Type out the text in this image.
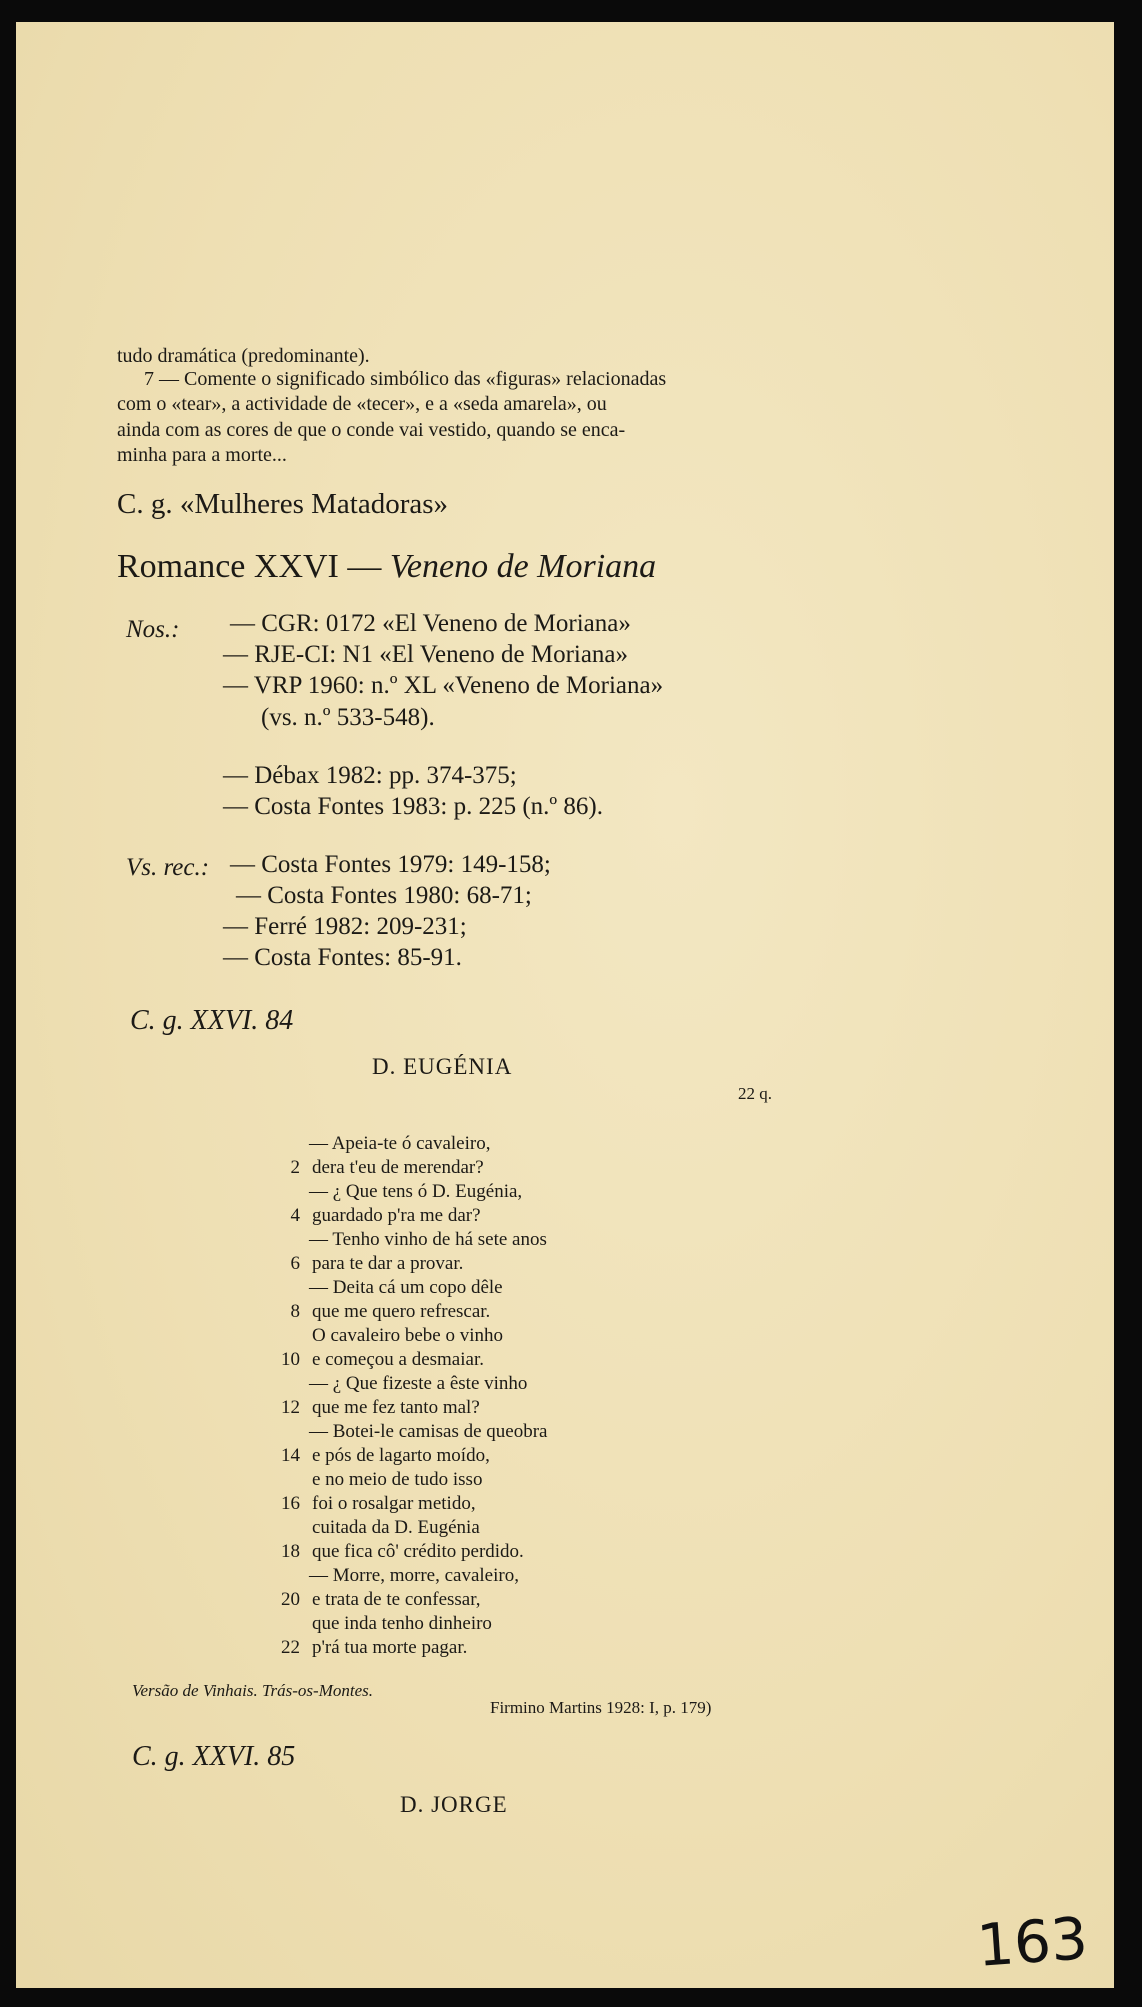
tudo dramática (predominante).
7 — Comente o significado simbólico das «figuras» relacionadas
com o «tear», a actividade de «tecer», e a «seda amarela», ou
ainda com as cores de que o conde vai vestido, quando se enca-
minha para a morte...
C. g. «Mulheres Matadoras»
Romance XXVI — Veneno de Moriana
Nos.: — CGR: 0172 «El Veneno de Moriana»
— RJE-CI: N1 «El Veneno de Moriana»
— VRP 1960: n.º XL «Veneno de Moriana»
(vs. n.º 533-548).
— Débax 1982: pp. 374-375;
— Costa Fontes 1983: p. 225 (n.º 86).
Vs. rec.: — Costa Fontes 1979: 149-158;
— Costa Fontes 1980: 68-71;
— Ferré 1982: 209-231;
— Costa Fontes: 85-91.
C. g. XXVI. 84
D. EUGÉNIA
22 q.
— Apeia-te ó cavaleiro,
dera t'eu de merendar?
— ¿ Que tens ó D. Eugénia,
guardado p'ra me dar?
— Tenho vinho de há sete anos
para te dar a provar.
— Deita cá um copo dêle
que me quero refrescar.
O cavaleiro bebe o vinho
e começou a desmaiar.
— ¿ Que fizeste a êste vinho
que me fez tanto mal?
— Botei-le camisas de queobra
e pós de lagarto moído,
e no meio de tudo isso
foi o rosalgar metido,
cuitada da D. Eugénia
que fica cô' crédito perdido.
— Morre, morre, cavaleiro,
e trata de te confessar,
que inda tenho dinheiro
p'rá tua morte pagar.
2
4
6
8
10
12
14
16
18
20
22
Versão de Vinhais. Trás-os-Montes.
Firmino Martins 1928: I, p. 179)
C. g. XXVI. 85
D. JORGE
163
